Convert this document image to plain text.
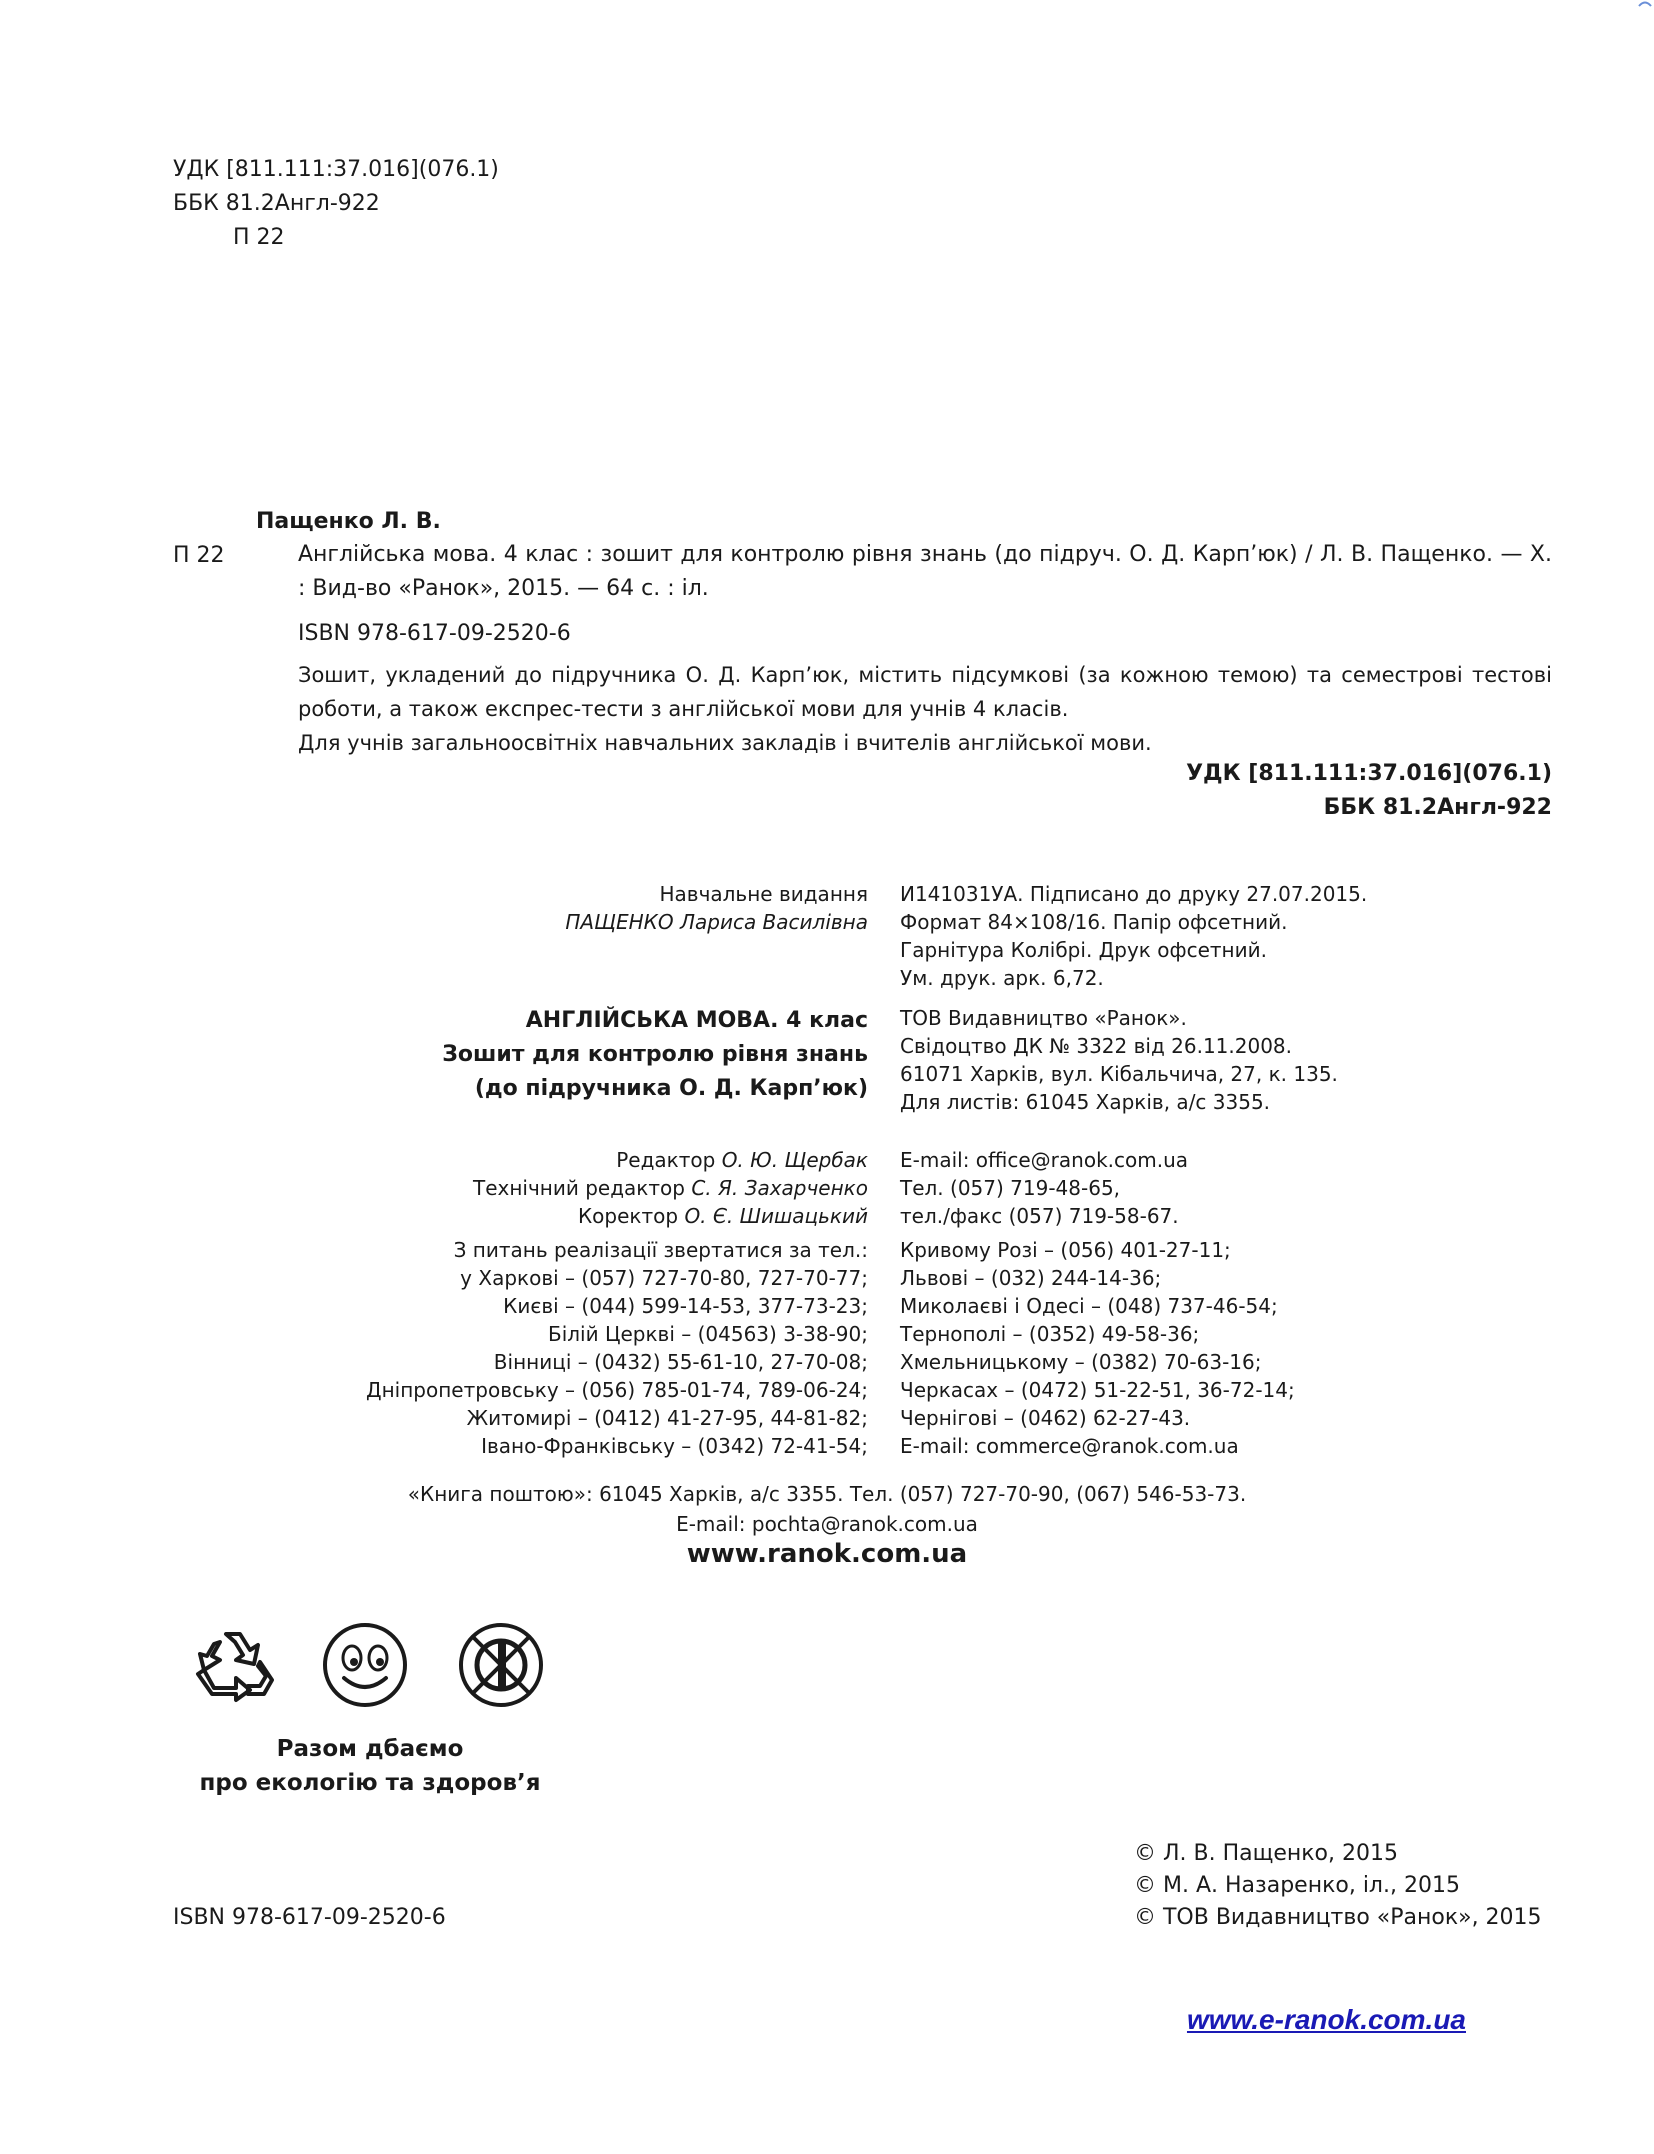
УДК [811.111:37.016](076.1)
ББК 81.2Англ-922
П 22
Пащенко Л. В.
П 22	Англійська мова. 4 клас : зошит для контролю рівня знань (до підруч. О. Д. Карп’юк) / Л. В. Пащенко. — Х. : Вид-во «Ранок», 2015. — 64 с. : іл.
ISBN 978-617-09-2520-6
Зошит, укладений до підручника О. Д. Карп’юк, містить підсумкові (за кожною темою) та семестрові тестові роботи, а також експрес-тести з англійської мови для учнів 4 класів.
Для учнів загальноосвітніх навчальних закладів і вчителів англійської мови.
УДК [811.111:37.016](076.1)
ББК 81.2Англ-922
Навчальне видання
ПАЩЕНКО Лариса Василівна
АНГЛІЙСЬКА МОВА. 4 клас
Зошит для контролю рівня знань
(до підручника О. Д. Карп’юк)
Редактор О. Ю. Щербак
Технічний редактор С. Я. Захарченко
Коректор О. Є. Шишацький
З питань реалізації звертатися за тел.:
у Харкові – (057) 727-70-80, 727-70-77;
Києві – (044) 599-14-53, 377-73-23;
Білій Церкві – (04563) 3-38-90;
Вінниці – (0432) 55-61-10, 27-70-08;
Дніпропетровську – (056) 785-01-74, 789-06-24;
Житомирі – (0412) 41-27-95, 44-81-82;
Івано-Франківську – (0342) 72-41-54;
И141031УА. Підписано до друку 27.07.2015.
Формат 84×108/16. Папір офсетний.
Гарнітура Колібрі. Друк офсетний.
Ум. друк. арк. 6,72.
ТОВ Видавництво «Ранок».
Свідоцтво ДК № 3322 від 26.11.2008.
61071 Харків, вул. Кібальчича, 27, к. 135.
Для листів: 61045 Харків, а/с 3355.
E-mail: office@ranok.com.ua
Тел. (057) 719-48-65,
тел./факс (057) 719-58-67.
Кривому Розі – (056) 401-27-11;
Львові – (032) 244-14-36;
Миколаєві і Одесі – (048) 737-46-54;
Тернополі – (0352) 49-58-36;
Хмельницькому – (0382) 70-63-16;
Черкасах – (0472) 51-22-51, 36-72-14;
Чернігові – (0462) 62-27-43.
E-mail: commerce@ranok.com.ua
«Книга поштою»: 61045 Харків, а/с 3355. Тел. (057) 727-70-90, (067) 546-53-73.
E-mail: pochta@ranok.com.ua
www.ranok.com.ua
Разом дбаємо
про екологію та здоров’я
© Л. В. Пащенко, 2015
© М. А. Назаренко, іл., 2015
© ТОВ Видавництво «Ранок», 2015
ISBN 978-617-09-2520-6
www.e-ranok.com.ua
